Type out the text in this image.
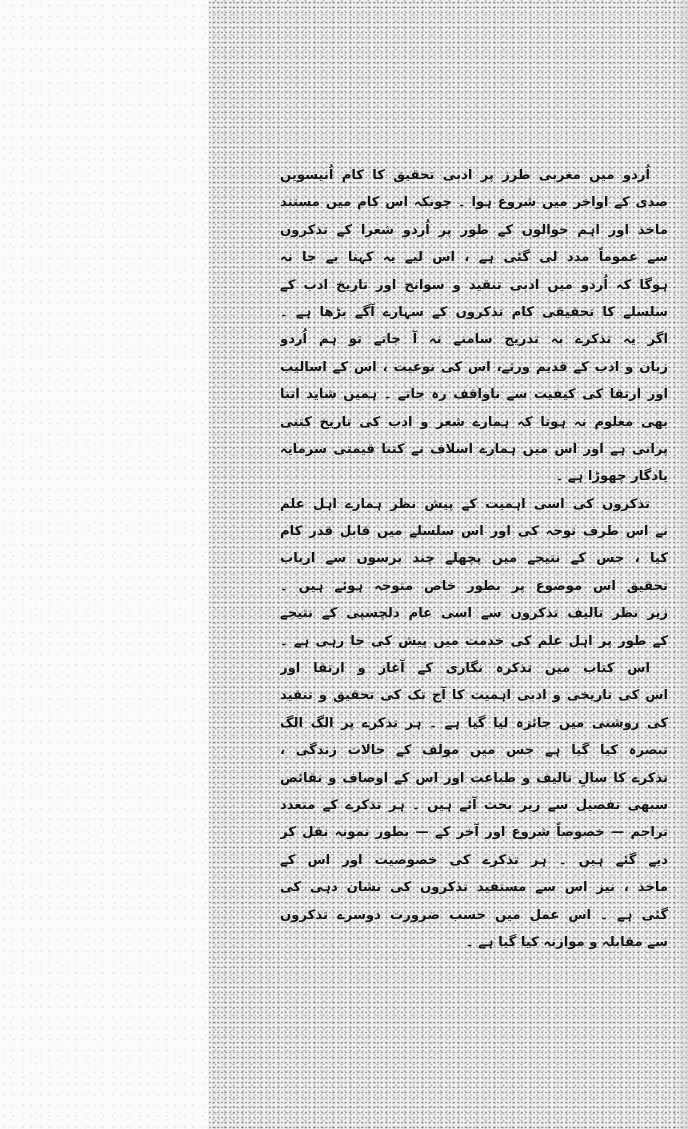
اُردو میں مغربی طرز پر ادبی تحقیق کا کام اُنیسویں
صدی کے اواخر میں شروع ہوا ۔ چونکہ اس کام میں مستند
ماخذ اور اہم حوالوں کے طور پر اُردو شعرا کے تذکروں
سے عموماً مدد لی گئی ہے ، اس لیے یہ کہنا بے جا نہ
ہوگا کہ اُردو میں ادبی تنقید و سوانح اور تاریخ ادب کے
سلسلے کا تحقیقی کام تذکروں کے سہارے آگے بڑھا ہے ۔
اگر یہ تذکرے بہ تدریج سامنے نہ آ جاتے تو ہم اُردو
زبان و ادب کے قدیم ورثے، اس کی نوعیت ، اس کے اسالیب
اور ارتقا کی کیفیت سے ناواقف رہ جاتے ۔ ہمیں شاید اتنا
بھی معلوم نہ ہوتا کہ ہمارے شعر و ادب کی تاریخ کتنی
پرانی ہے اور اس میں ہمارے اسلاف نے کتنا قیمتی سرمایہ
یادگار چھوڑا ہے ۔
تذکروں کی اسی اہمیت کے پیش نظر ہمارے اہل علم
نے اس طرف توجہ کی اور اس سلسلے میں قابل قدر کام
کیا ، جس کے نتیجے میں پچھلے چند برسوں سے ارباب
تحقیق اس موضوع پر بطور خاص متوجہ ہوئے ہیں ۔
زیر نظر تالیف تذکروں سے اسی عام دلچسپی کے نتیجے
کے طور پر اہل علم کی خدمت میں پیش کی جا رہی ہے ۔
اس کتاب میں تذکرہ نگاری کے آغاز و ارتقا اور
اس کی تاریخی و ادبی اہمیت کا آج تک کی تحقیق و تنقید
کی روشنی میں جائزہ لیا گیا ہے ۔ ہر تذکرے پر الگ الگ
تبصرہ کیا گیا ہے جس میں مولف کے حالات زندگی ،
تذکرے کا سالِ تالیف و طباعت اور اس کے اوصاف و نقائص
سبھی تفصیل سے زیر بحث آئے ہیں ۔ ہر تذکرے کے متعدد
تراجم — خصوصاً شروع اور آخر کے — بطور نمونہ نقل کر
دیے گئے ہیں ۔ ہر تذکرے کی خصوصیت اور اس کے
ماخذ ، نیز اس سے مستفید تذکروں کی نشان دہی کی
گئی ہے ۔ اس عمل میں حسب ضرورت دوسرے تذکروں
سے مقابلہ و موازنہ کیا گیا ہے ۔
